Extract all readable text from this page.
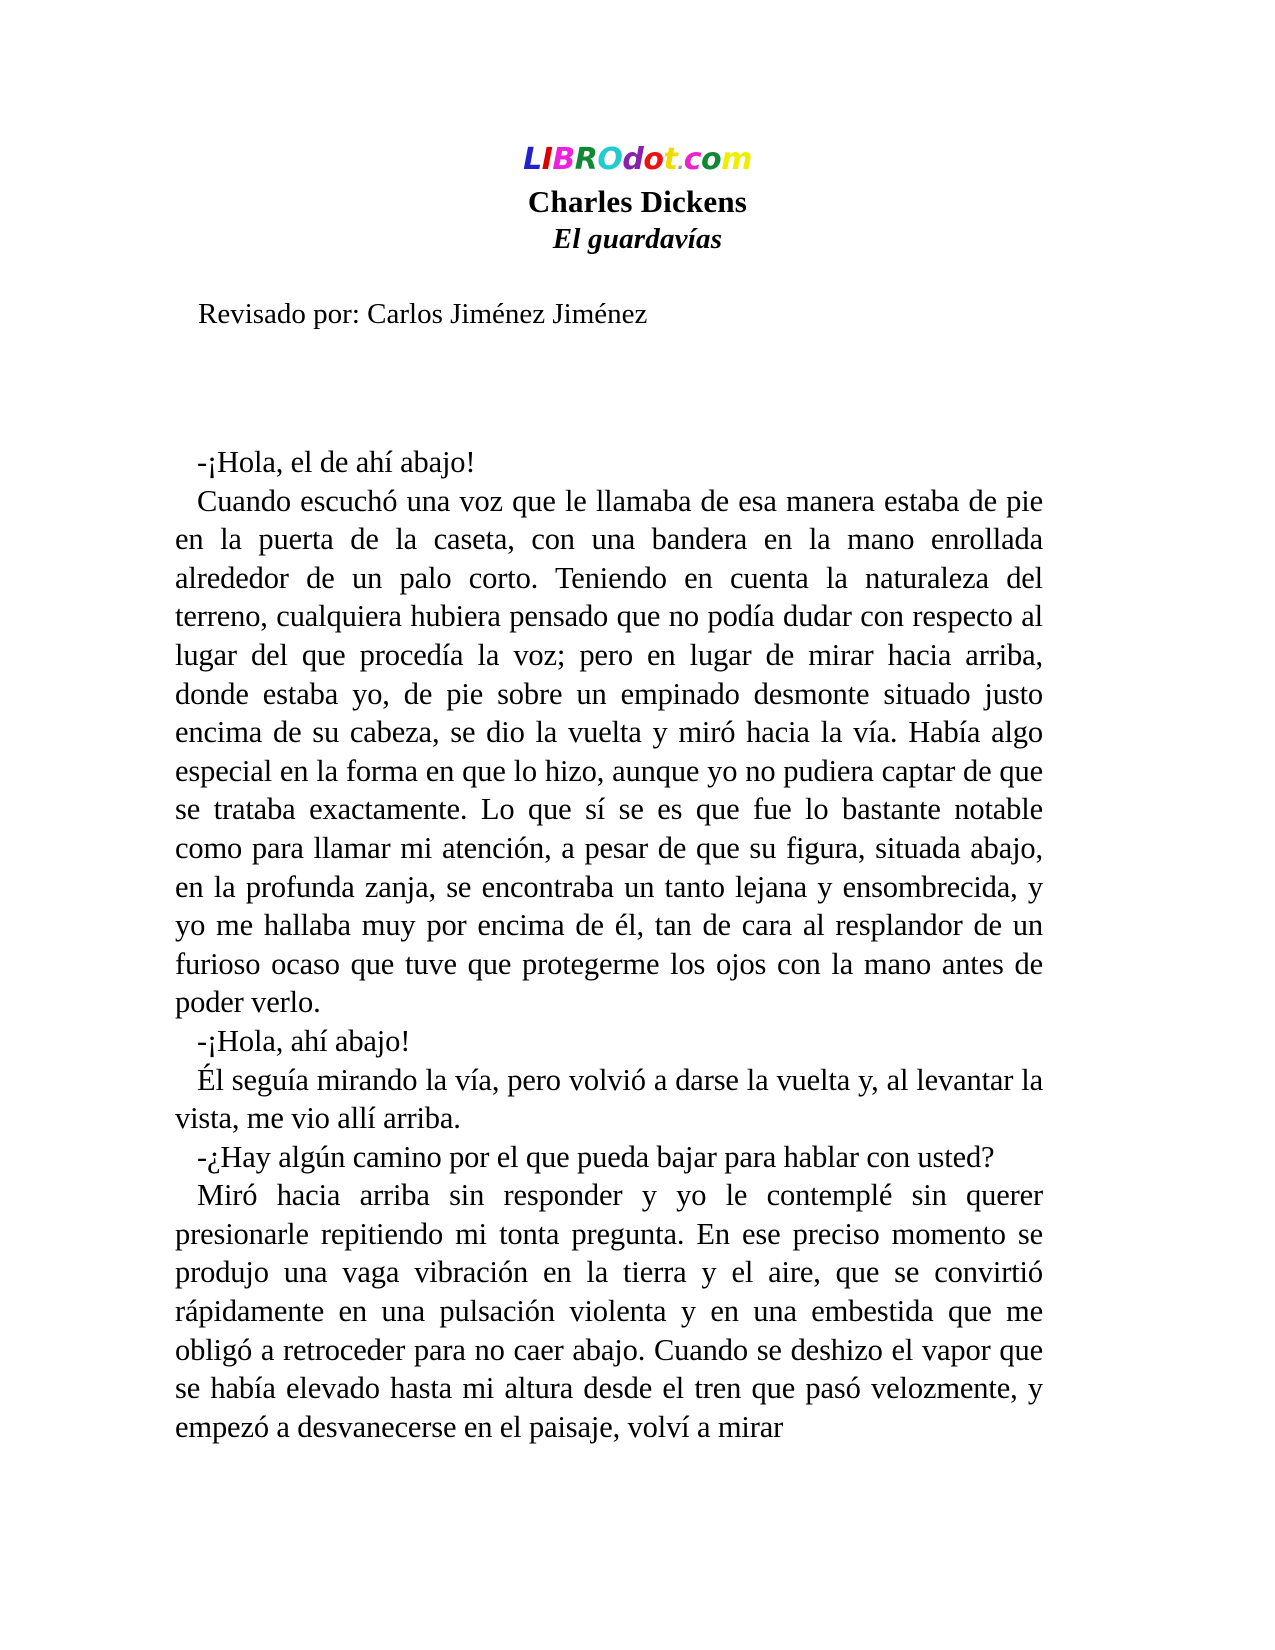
LIBROdot.com
Charles Dickens
El guardavías
Revisado por: Carlos Jiménez Jiménez

-¡Hola, el de ahí abajo!

Cuando escuchó una voz que le llamaba de esa manera estaba de pie en la puerta de la caseta, con una bandera en la mano enrollada alrededor de un palo corto. Teniendo en cuenta la naturaleza del terreno, cualquiera hubiera pensado que no podía dudar con respecto al lugar del que procedía la voz; pero en lugar de mirar hacia arriba, donde estaba yo, de pie sobre un empinado desmonte situado justo encima de su cabeza, se dio la vuelta y miró hacia la vía. Había algo especial en la forma en que lo hizo, aunque yo no pudiera captar de que se trataba exactamente. Lo que sí se es que fue lo bastante notable como para llamar mi atención, a pesar de que su figura, situada abajo, en la profunda zanja, se encontraba un tanto lejana y ensombrecida, y yo me hallaba muy por encima de él, tan de cara al resplandor de un furioso ocaso que tuve que protegerme los ojos con la mano antes de poder verlo.

-¡Hola, ahí abajo!

Él seguía mirando la vía, pero volvió a darse la vuelta y, al levantar la vista, me vio allí arriba.

-¿Hay algún camino por el que pueda bajar para hablar con usted?

Miró hacia arriba sin responder y yo le contemplé sin querer presionarle repitiendo mi tonta pregunta. En ese preciso momento se produjo una vaga vibración en la tierra y el aire, que se convirtió rápidamente en una pulsación violenta y en una embestida que me obligó a retroceder para no caer abajo. Cuando se deshizo el vapor que se había elevado hasta mi altura desde el tren que pasó velozmente, y empezó a desvanecerse en el paisaje, volví a mirar
